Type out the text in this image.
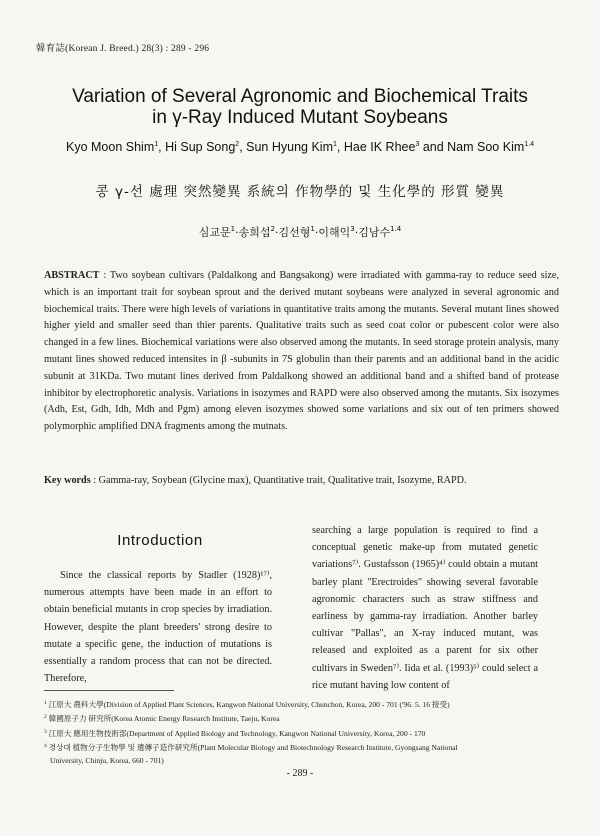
韓育誌(Korean J. Breed.) 28(3) : 289 - 296
Variation of Several Agronomic and Biochemical Traits
in γ-Ray Induced Mutant Soybeans
Kyo Moon Shim$^1$, Hi Sup Song$^2$, Sun Hyung Kim$^1$, Hae IK Rhee$^3$ and Nam Soo Kim$^{1.4}$
콩 γ-선 處理 突然變異 系統의 作物學的 및 生化學的 形質 變異
심교문$^1$·송희섭$^2$·김선형$^1$·이해익$^3$·김남수$^{1.4}$
ABSTRACT : Two soybean cultivars (Paldalkong and Bangsakong) were irradiated with gamma-ray to reduce seed size, which is an important trait for soybean sprout and the derived mutant soybeans were analyzed in several agronomic and biochemical traits. There were high levels of variations in quantitative traits among the mutants. Several mutant lines showed higher yield and smaller seed than thier parents. Qualitative traits such as seed coat color or pubescent color were also changed in a few lines. Biochemical variations were also observed among the mutants. In seed storage protein analysis, many mutant lines showed reduced intensites in β -subunits in 7S globulin than their parents and an additional band in the acidic subunit at 31KDa. Two mutant lines derived from Paldalkong showed an additional band and a shifted band of protease inhibitor by electrophoretic analysis. Variations in isozymes and RAPD were also observed among the mutants. Six isozymes (Adh, Est, Gdh, Idh, Mdh and Pgm) among eleven isozymes showed some variations and six out of ten primers showed polymorphic amplified DNA fragments among the mutnats.
Key words : Gamma-ray, Soybean (Glycine max), Quantitative trait, Qualitative trait, Isozyme, RAPD.
Introduction
Since the classical reports by Stadler (1928)¹⁷⁾, numerous attempts have been made in an effort to obtain beneficial mutants in crop species by irradiation. However, despite the plant breeders' strong desire to mutate a specific gene, the induction of mutations is essentially a random process that can not be directed. Therefore,
searching a large population is required to find a conceptual genetic make-up from mutated genetic variations⁷⁾. Gustafsson (1965)⁴⁾ could obtain a mutant barley plant "Erectroides" showing several favorable agronomic characters such as straw stiffness and earliness by gamma-ray irradiation. Another barley cultivar "Pallas", an X-ray induced mutant, was released and exploited as a parent for six other cultivars in Sweden⁷⁾. Iida et al. (1993)⁵⁾ could select a rice mutant having low content of
$^1$ 江原大 農科大學(Division of Applied Plant Sciences, Kangwon National University, Chunchon, Korea, 200 - 701 ('96. 5. 16 接受)
$^2$ 韓國原子力 研究所(Korea Atomic Energy Research Institute, Taeju, Korea
$^3$ 江原大 應用生物技術部(Department of Applied Biology and Technology, Kangwon National University, Korea, 200 - 170
$^4$ 경상대 植物分子生物學 및 遺傳子造作研究所(Plant Molecular Biology and Biotechnology Research Institute, Gyongsang National
University, Chinju, Korea, 660 - 701)
- 289 -
